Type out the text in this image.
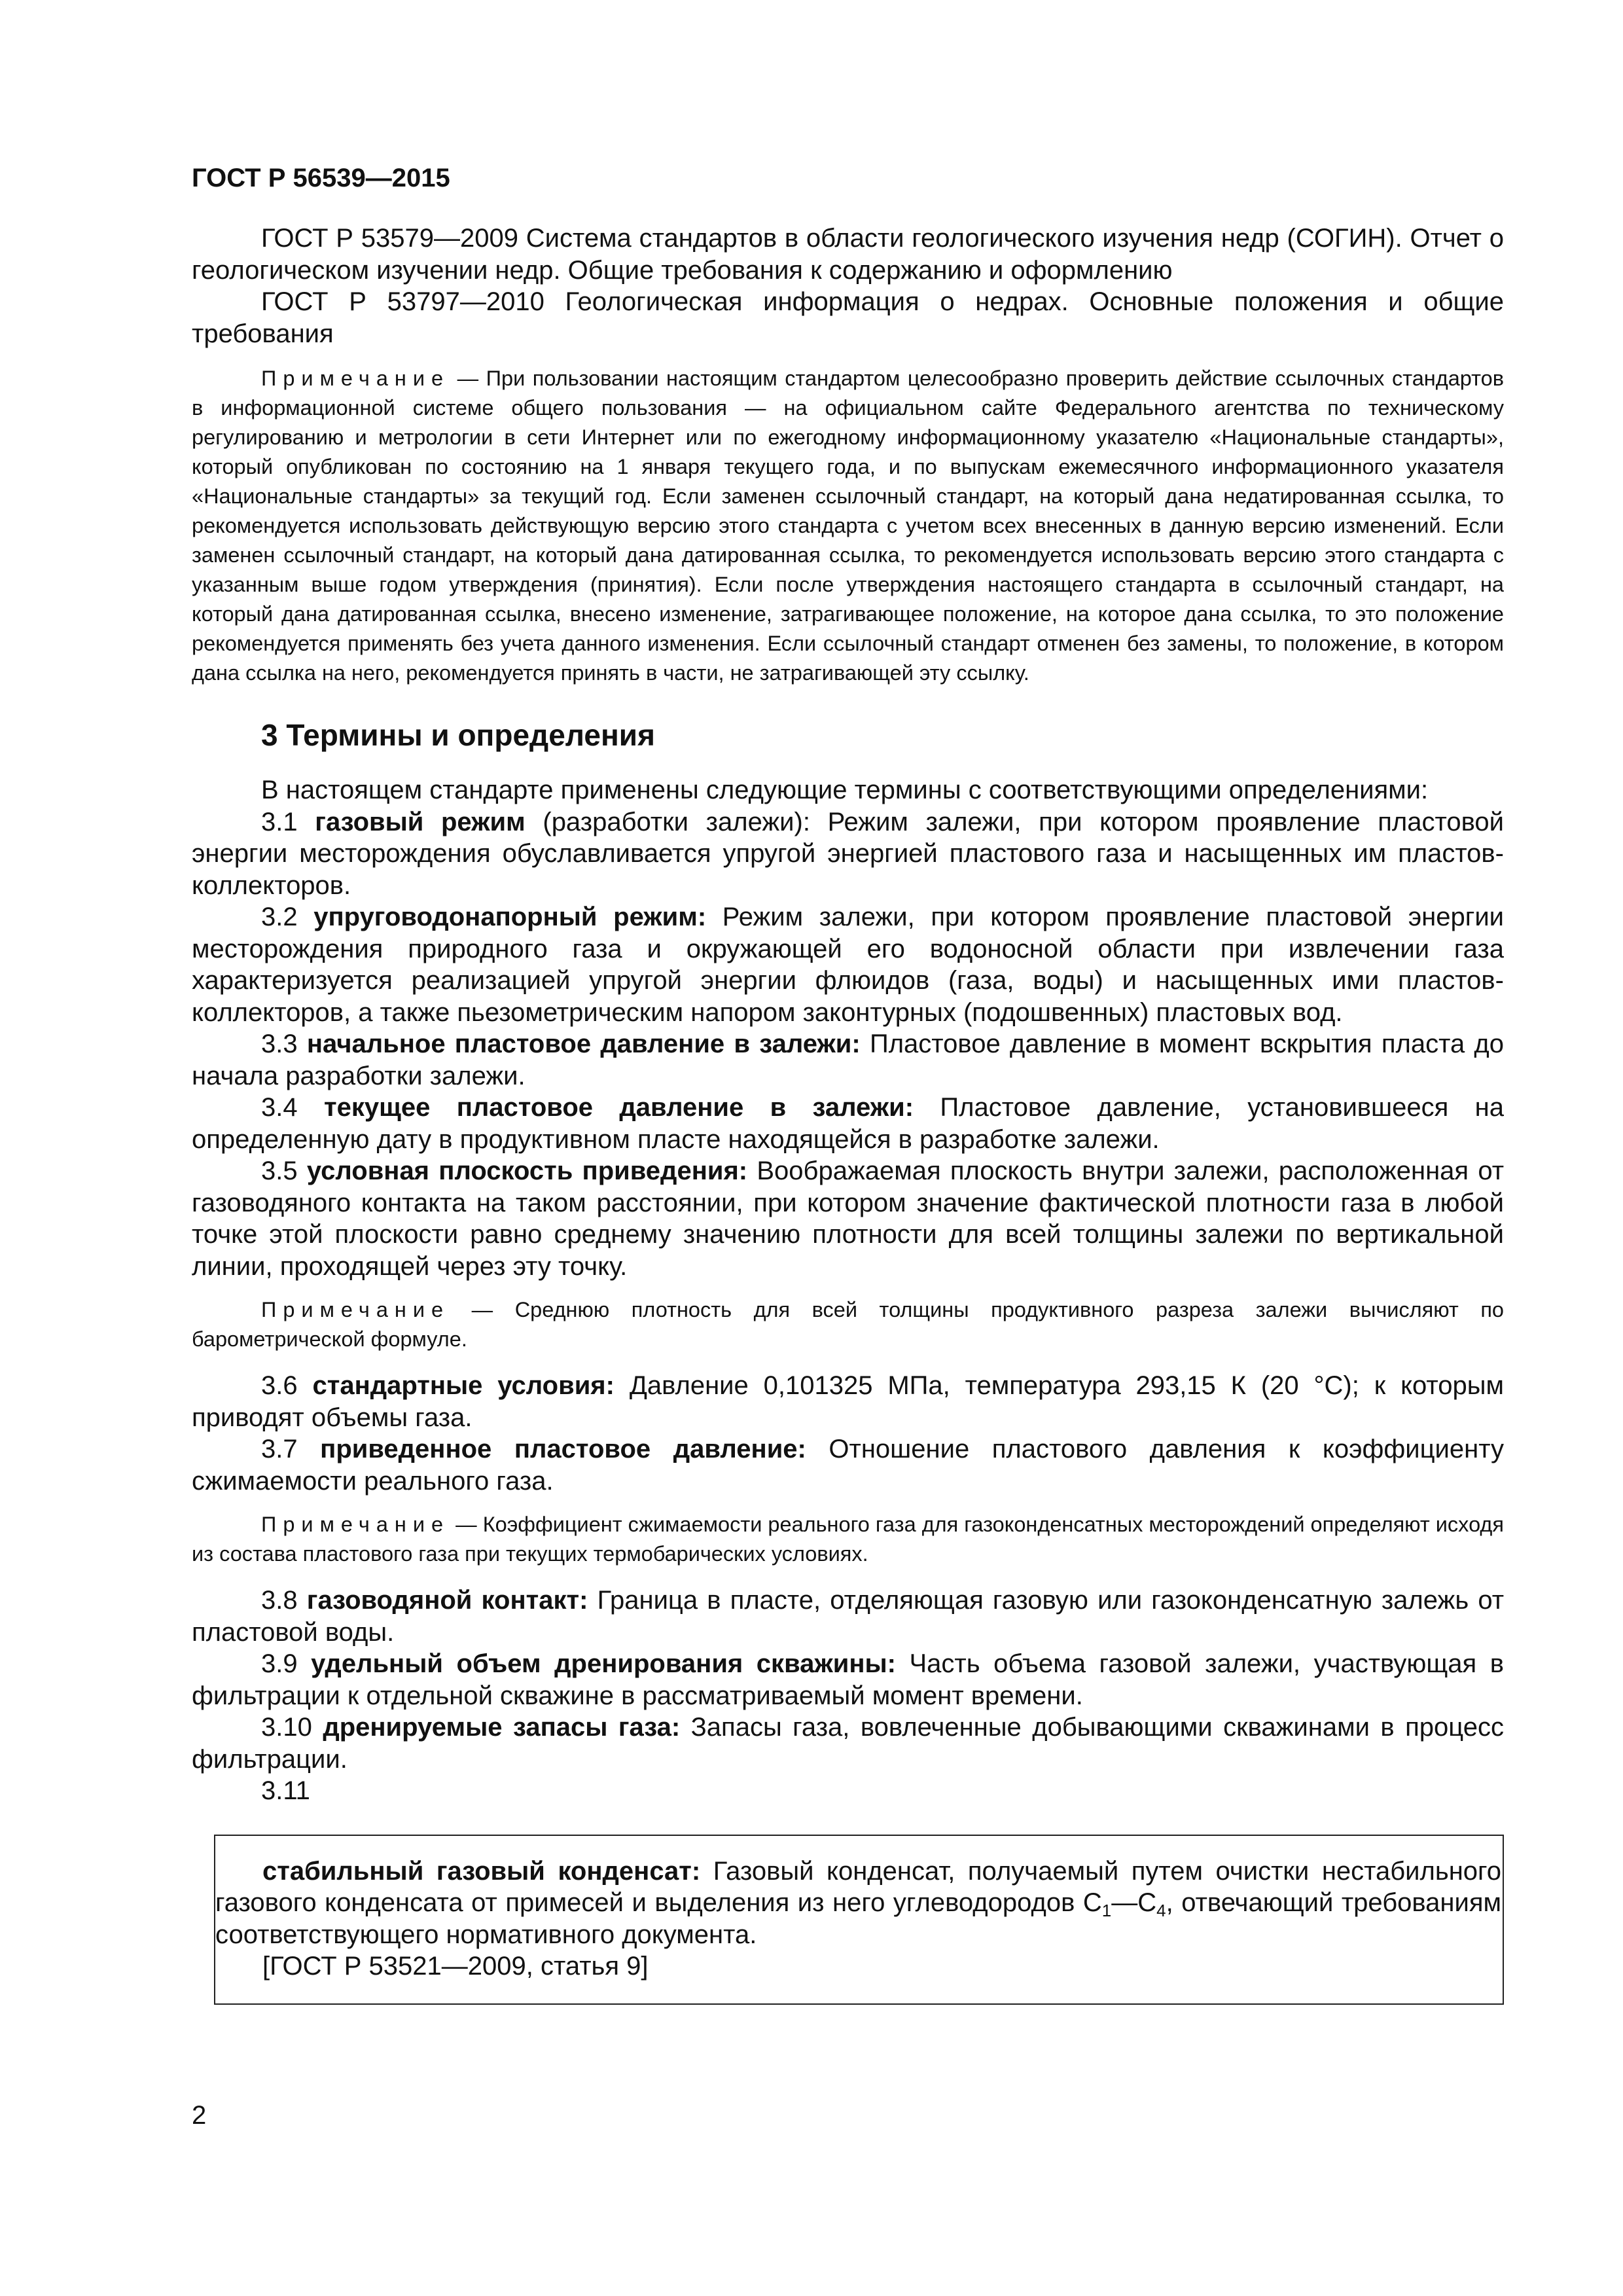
ГОСТ Р 56539—2015

ГОСТ Р 53579—2009 Система стандартов в области геологического изучения недр (СОГИН). Отчет о геологическом изучении недр. Общие требования к содержанию и оформлению

ГОСТ Р 53797—2010 Геологическая информация о недрах. Основные положения и общие требования

Примечание — При пользовании настоящим стандартом целесообразно проверить действие ссылочных стандартов в информационной системе общего пользования — на официальном сайте Федерального агентства по техническому регулированию и метрологии в сети Интернет или по ежегодному информационному указателю «Национальные стандарты», который опубликован по состоянию на 1 января текущего года, и по выпускам ежемесячного информационного указателя «Национальные стандарты» за текущий год. Если заменен ссылочный стандарт, на который дана недатированная ссылка, то рекомендуется использовать действующую версию этого стандарта с учетом всех внесенных в данную версию изменений. Если заменен ссылочный стандарт, на который дана датированная ссылка, то рекомендуется использовать версию этого стандарта с указанным выше годом утверждения (принятия). Если после утверждения настоящего стандарта в ссылочный стандарт, на который дана датированная ссылка, внесено изменение, затрагивающее положение, на которое дана ссылка, то это положение рекомендуется применять без учета данного изменения. Если ссылочный стандарт отменен без замены, то положение, в котором дана ссылка на него, рекомендуется принять в части, не затрагивающей эту ссылку.

3 Термины и определения

В настоящем стандарте применены следующие термины с соответствующими определениями:

3.1 газовый режим (разработки залежи): Режим залежи, при котором проявление пластовой энергии месторождения обуславливается упругой энергией пластового газа и насыщенных им пластов-коллекторов.

3.2 упруговодонапорный режим: Режим залежи, при котором проявление пластовой энергии месторождения природного газа и окружающей его водоносной области при извлечении газа характеризуется реализацией упругой энергии флюидов (газа, воды) и насыщенных ими пластов-коллекторов, а также пьезометрическим напором законтурных (подошвенных) пластовых вод.

3.3 начальное пластовое давление в залежи: Пластовое давление в момент вскрытия пласта до начала разработки залежи.

3.4 текущее пластовое давление в залежи: Пластовое давление, установившееся на определенную дату в продуктивном пласте находящейся в разработке залежи.

3.5 условная плоскость приведения: Воображаемая плоскость внутри залежи, расположенная от газоводяного контакта на таком расстоянии, при котором значение фактической плотности газа в любой точке этой плоскости равно среднему значению плотности для всей толщины залежи по вертикальной линии, проходящей через эту точку.

Примечание — Среднюю плотность для всей толщины продуктивного разреза залежи вычисляют по барометрической формуле.

3.6 стандартные условия: Давление 0,101325 МПа, температура 293,15 К (20 °С); к которым приводят объемы газа.

3.7 приведенное пластовое давление: Отношение пластового давления к коэффициенту сжимаемости реального газа.

Примечание — Коэффициент сжимаемости реального газа для газоконденсатных месторождений определяют исходя из состава пластового газа при текущих термобарических условиях.

3.8 газоводяной контакт: Граница в пласте, отделяющая газовую или газоконденсатную залежь от пластовой воды.

3.9 удельный объем дренирования скважины: Часть объема газовой залежи, участвующая в фильтрации к отдельной скважине в рассматриваемый момент времени.

3.10 дренируемые запасы газа: Запасы газа, вовлеченные добывающими скважинами в процесс фильтрации.

3.11

стабильный газовый конденсат: Газовый конденсат, получаемый путем очистки нестабильного газового конденсата от примесей и выделения из него углеводородов $С_1—С_4$, отвечающий требованиям соответствующего нормативного документа.

[ГОСТ Р 53521—2009, статья 9]

2
